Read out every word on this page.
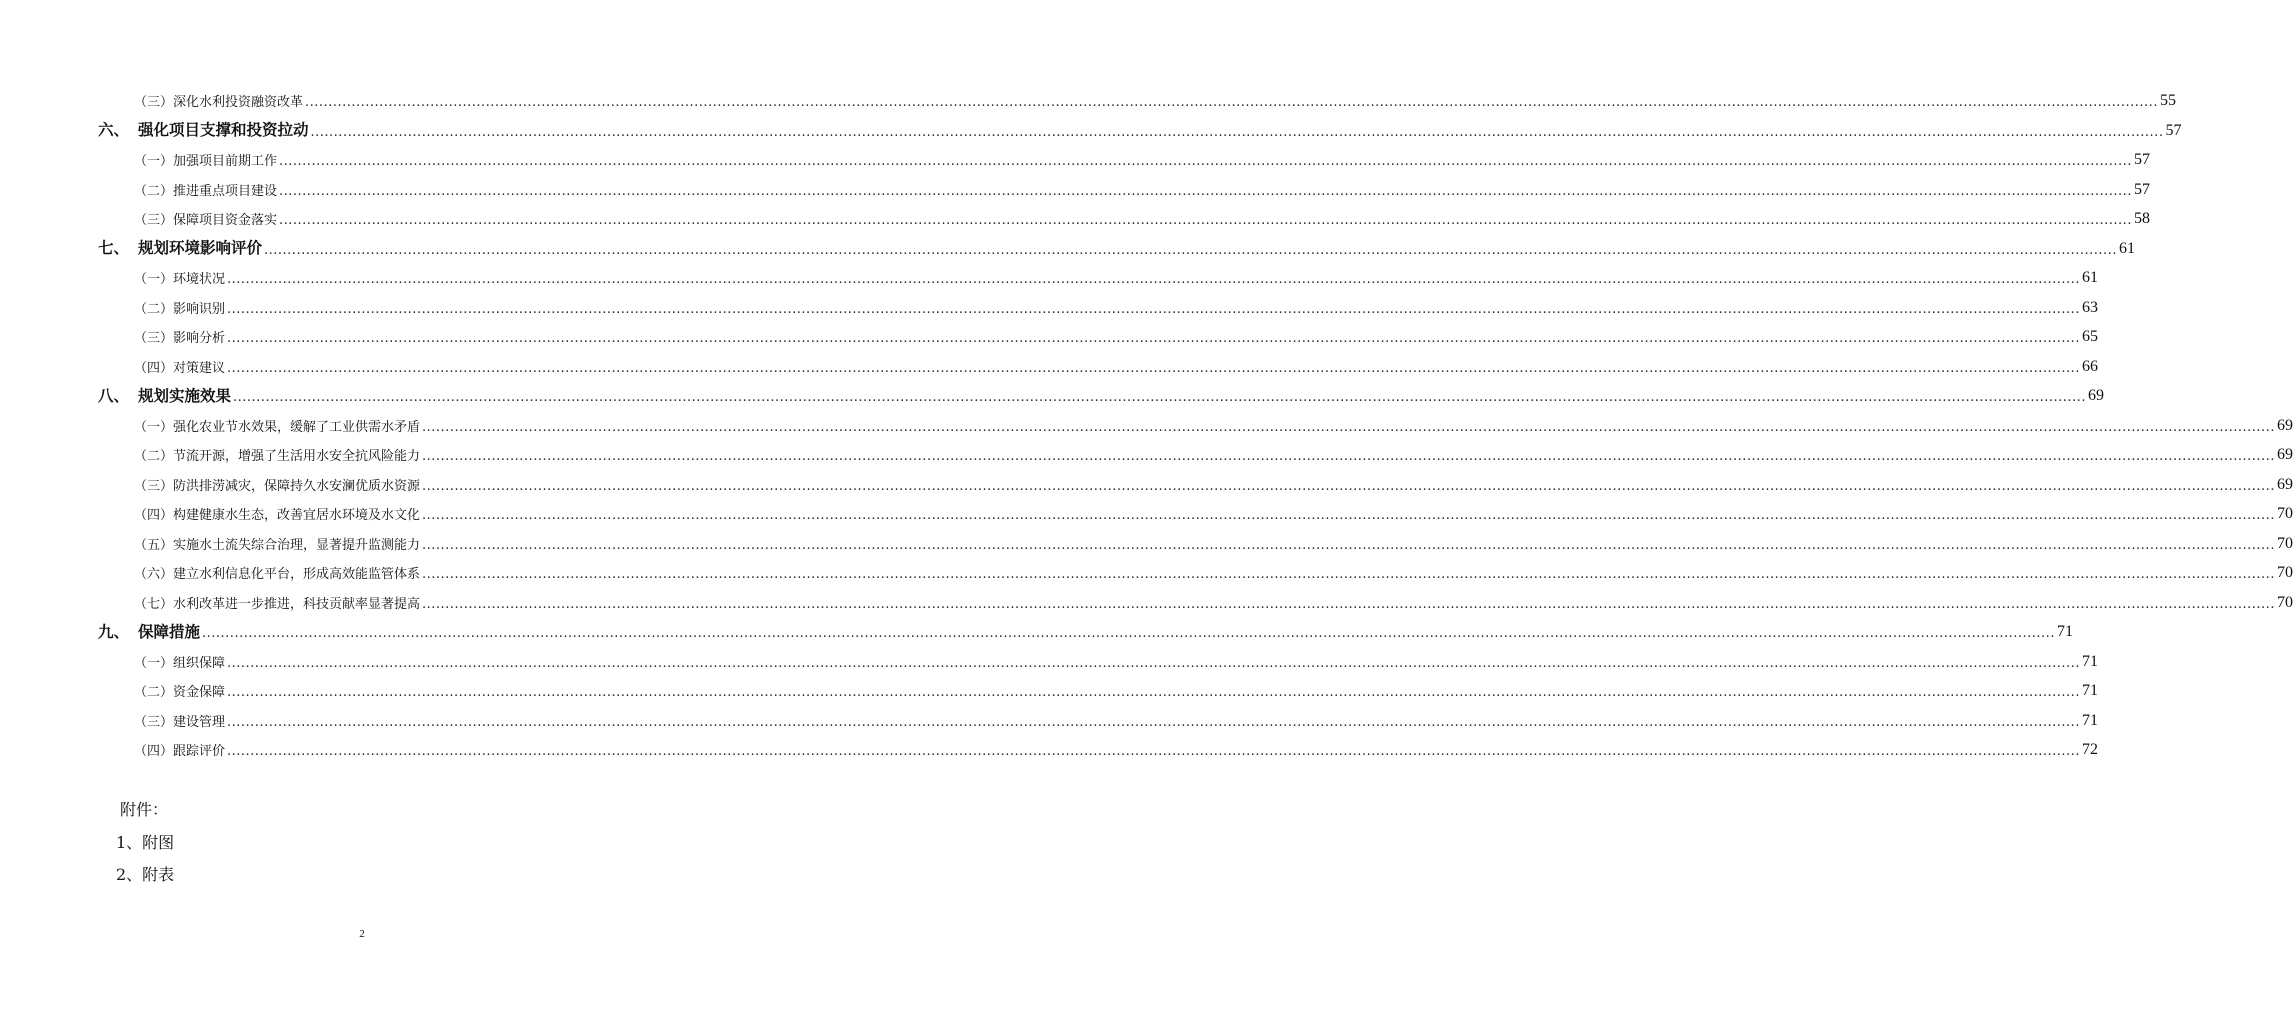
（三）深化水利投资融资改革 ................................................................................................................................................................................................................................................................................................................................................................................................................ 55
六、 强化项目支撑和投资拉动 ................................................................................................................................................................................................................................................................................................................................................................................................................ 57
（一）加强项目前期工作 ................................................................................................................................................................................................................................................................................................................................................................................................................ 57
（二）推进重点项目建设 ................................................................................................................................................................................................................................................................................................................................................................................................................ 57
（三）保障项目资金落实 ................................................................................................................................................................................................................................................................................................................................................................................................................ 58
七、 规划环境影响评价 ................................................................................................................................................................................................................................................................................................................................................................................................................ 61
（一）环境状况 ................................................................................................................................................................................................................................................................................................................................................................................................................ 61
（二）影响识别 ................................................................................................................................................................................................................................................................................................................................................................................................................ 63
（三）影响分析 ................................................................................................................................................................................................................................................................................................................................................................................................................ 65
（四）对策建议 ................................................................................................................................................................................................................................................................................................................................................................................................................ 66
八、 规划实施效果 ................................................................................................................................................................................................................................................................................................................................................................................................................ 69
（一）强化农业节水效果，缓解了工业供需水矛盾 ................................................................................................................................................................................................................................................................................................................................................................................................................ 69
（二）节流开源，增强了生活用水安全抗风险能力 ................................................................................................................................................................................................................................................................................................................................................................................................................ 69
（三）防洪排涝减灾，保障持久水安澜优质水资源 ................................................................................................................................................................................................................................................................................................................................................................................................................ 69
（四）构建健康水生态，改善宜居水环境及水文化 ................................................................................................................................................................................................................................................................................................................................................................................................................ 70
（五）实施水土流失综合治理，显著提升监测能力 ................................................................................................................................................................................................................................................................................................................................................................................................................ 70
（六）建立水利信息化平台，形成高效能监管体系 ................................................................................................................................................................................................................................................................................................................................................................................................................ 70
（七）水利改革进一步推进，科技贡献率显著提高 ................................................................................................................................................................................................................................................................................................................................................................................................................ 70
九、 保障措施 ................................................................................................................................................................................................................................................................................................................................................................................................................ 71
（一）组织保障 ................................................................................................................................................................................................................................................................................................................................................................................................................ 71
（二）资金保障 ................................................................................................................................................................................................................................................................................................................................................................................................................ 71
（三）建设管理 ................................................................................................................................................................................................................................................................................................................................................................................................................ 71
（四）跟踪评价 ................................................................................................................................................................................................................................................................................................................................................................................................................ 72
附件：
1、附图
2、附表
2
